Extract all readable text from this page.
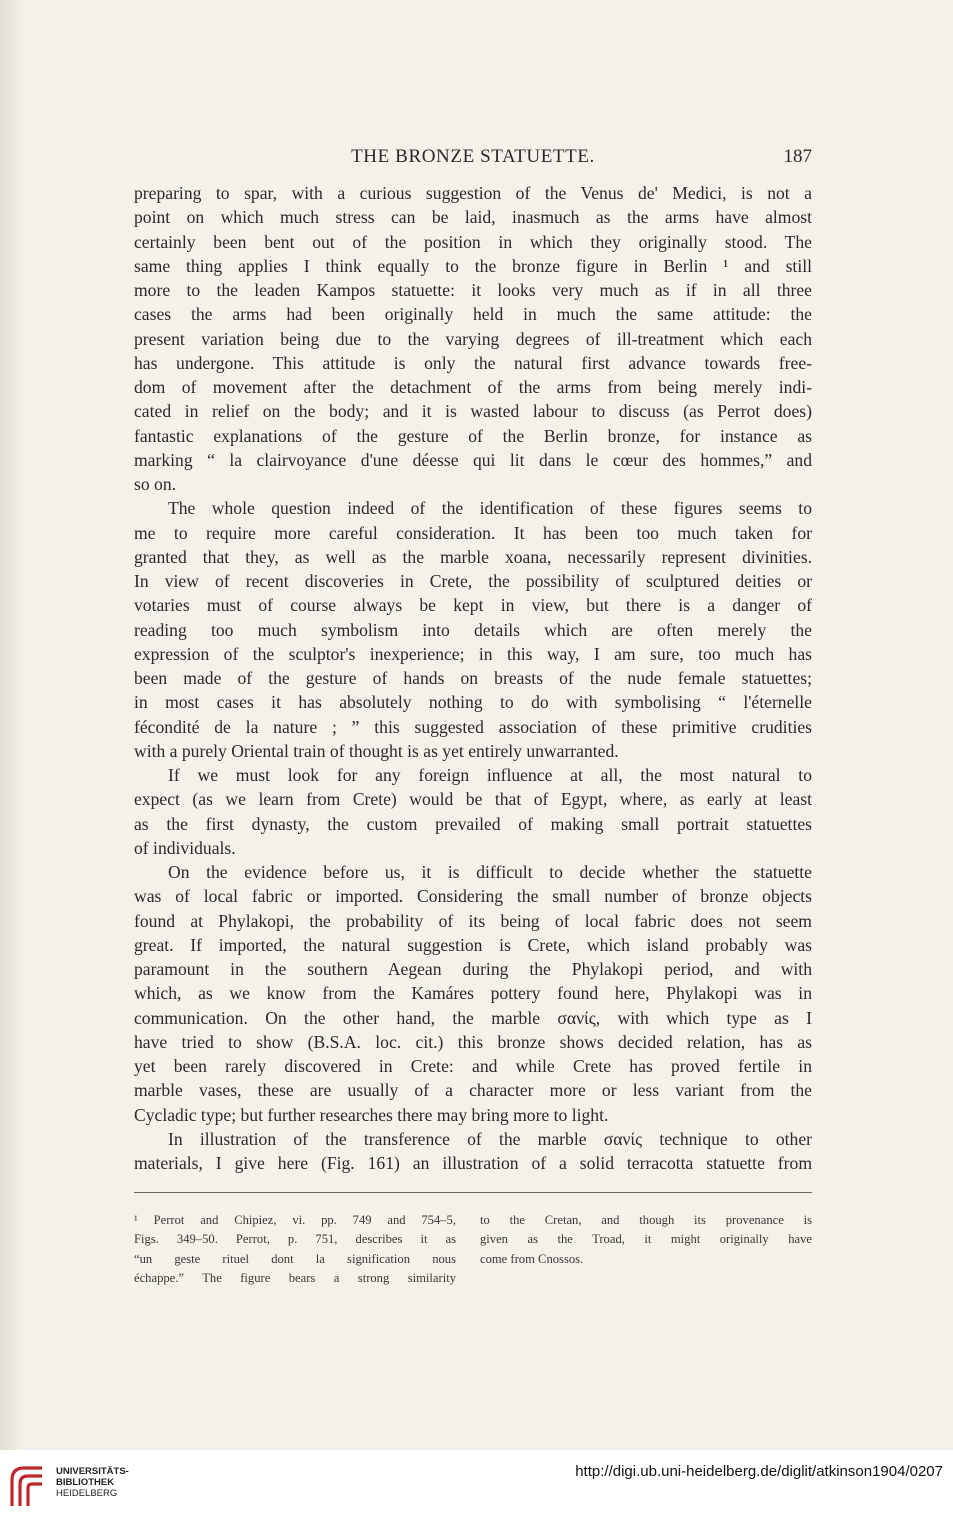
THE BRONZE STATUETTE.	187
preparing to spar, with a curious suggestion of the Venus de' Medici, is not a
point on which much stress can be laid, inasmuch as the arms have almost
certainly been bent out of the position in which they originally stood. The
same thing applies I think equally to the bronze figure in Berlin ¹ and still
more to the leaden Kampos statuette: it looks very much as if in all three
cases the arms had been originally held in much the same attitude: the
present variation being due to the varying degrees of ill-treatment which each
has undergone. This attitude is only the natural first advance towards free-
dom of movement after the detachment of the arms from being merely indi-
cated in relief on the body; and it is wasted labour to discuss (as Perrot does)
fantastic explanations of the gesture of the Berlin bronze, for instance as
marking “ la clairvoyance d'une déesse qui lit dans le cœur des hommes,” and
so on.
The whole question indeed of the identification of these figures seems to
me to require more careful consideration. It has been too much taken for
granted that they, as well as the marble xoana, necessarily represent divinities.
In view of recent discoveries in Crete, the possibility of sculptured deities or
votaries must of course always be kept in view, but there is a danger of
reading too much symbolism into details which are often merely the
expression of the sculptor's inexperience; in this way, I am sure, too much has
been made of the gesture of hands on breasts of the nude female statuettes;
in most cases it has absolutely nothing to do with symbolising “ l'éternelle
fécondité de la nature ; ” this suggested association of these primitive crudities
with a purely Oriental train of thought is as yet entirely unwarranted.
If we must look for any foreign influence at all, the most natural to
expect (as we learn from Crete) would be that of Egypt, where, as early at least
as the first dynasty, the custom prevailed of making small portrait statuettes
of individuals.
On the evidence before us, it is difficult to decide whether the statuette
was of local fabric or imported. Considering the small number of bronze objects
found at Phylakopi, the probability of its being of local fabric does not seem
great. If imported, the natural suggestion is Crete, which island probably was
paramount in the southern Aegean during the Phylakopi period, and with
which, as we know from the Kamáres pottery found here, Phylakopi was in
communication. On the other hand, the marble σανίς, with which type as I
have tried to show (B.S.A. loc. cit.) this bronze shows decided relation, has as
yet been rarely discovered in Crete: and while Crete has proved fertile in
marble vases, these are usually of a character more or less variant from the
Cycladic type; but further researches there may bring more to light.
In illustration of the transference of the marble σανίς technique to other
materials, I give here (Fig. 161) an illustration of a solid terracotta statuette from
¹ Perrot and Chipiez, vi. pp. 749 and 754–5,
Figs. 349–50. Perrot, p. 751, describes it as
“un geste rituel dont la signification nous
échappe.” The figure bears a strong similarity
to the Cretan, and though its provenance is
given as the Troad, it might originally have
come from Cnossos.
UNIVERSITÄTS-
BIBLIOTHEK
HEIDELBERG
http://digi.ub.uni-heidelberg.de/diglit/atkinson1904/0207
